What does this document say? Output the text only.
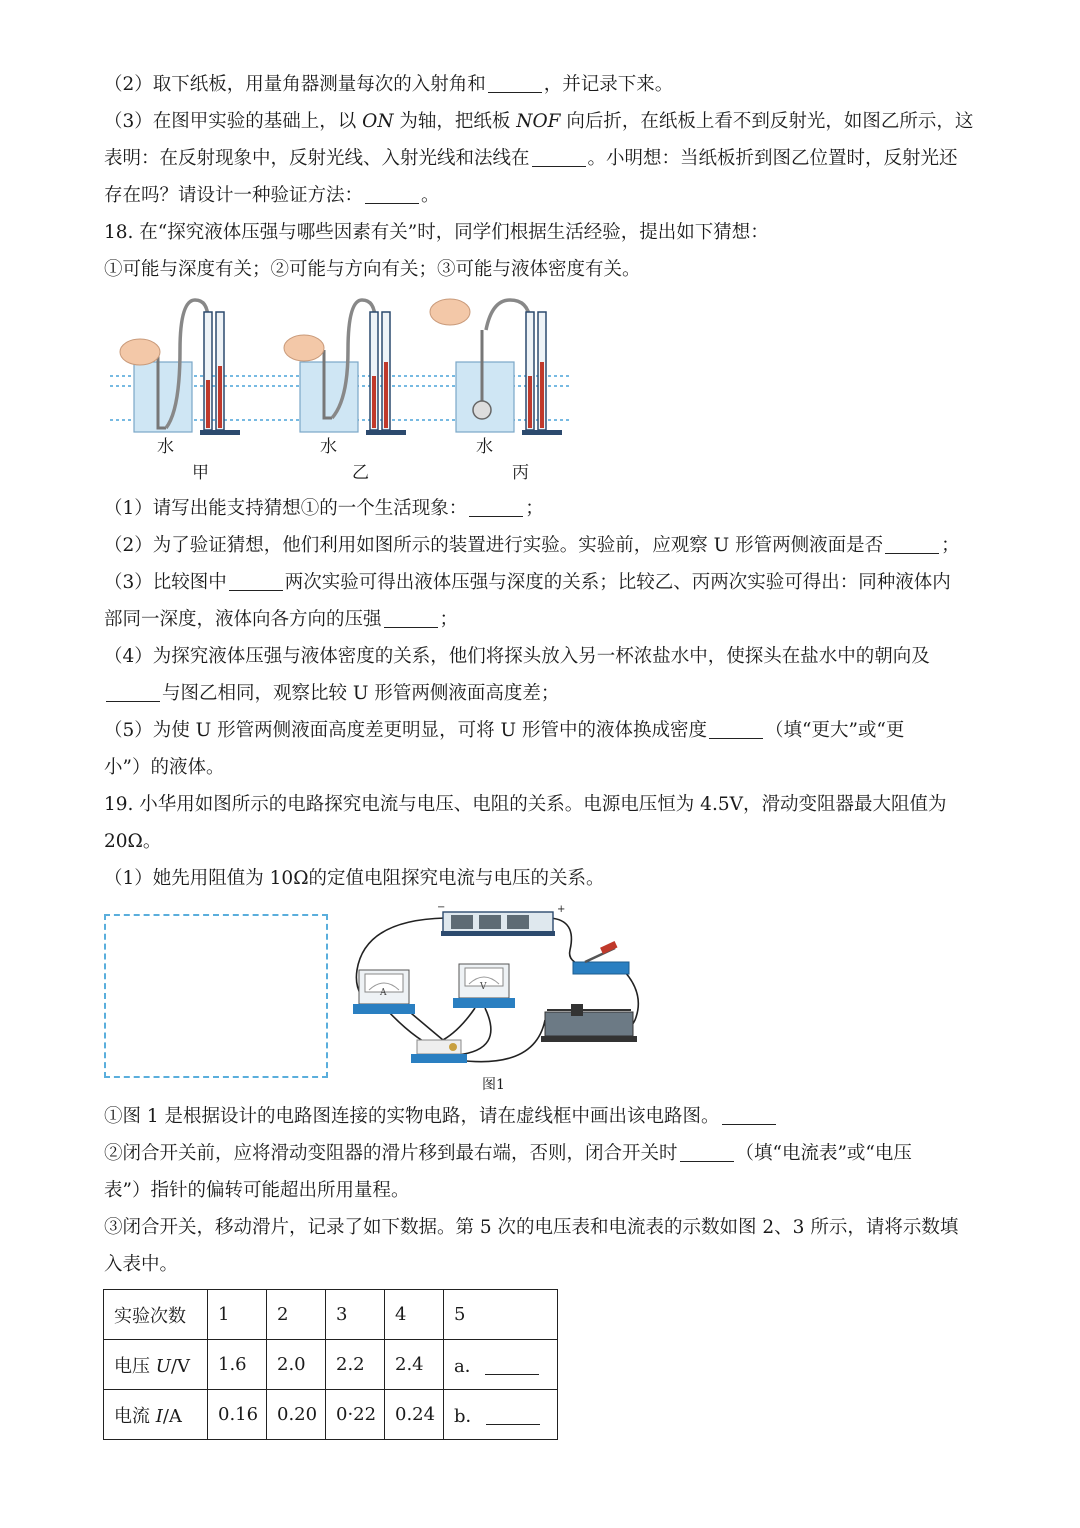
（2）取下纸板，用量角器测量每次的入射角和	，并记录下来。
（3）在图甲实验的基础上，以 ON 为轴，把纸板 NOF 向后折，在纸板上看不到反射光，如图乙所示，这
表明：在反射现象中，反射光线、入射光线和法线在	。小明想：当纸板折到图乙位置时，反射光还
存在吗？请设计一种验证方法：	。
18. 在“探究液体压强与哪些因素有关”时，同学们根据生活经验，提出如下猜想：
①可能与深度有关；②可能与方向有关；③可能与液体密度有关。
水	水	水
甲	乙	丙
（1）请写出能支持猜想①的一个生活现象：	；
（2）为了验证猜想，他们利用如图所示的装置进行实验。实验前，应观察 U 形管两侧液面是否	；
（3）比较图中	两次实验可得出液体压强与深度的关系；比较乙、丙两次实验可得出：同种液体内
部同一深度，液体向各方向的压强	；
（4）为探究液体压强与液体密度的关系，他们将探头放入另一杯浓盐水中，使探头在盐水中的朝向及
与图乙相同，观察比较 U 形管两侧液面高度差；
（5）为使 U 形管两侧液面高度差更明显，可将 U 形管中的液体换成密度	（填“更大”或“更
小”）的液体。
19. 小华用如图所示的电路探究电流与电压、电阻的关系。电源电压恒为 4.5V，滑动变阻器最大阻值为
20Ω。
（1）她先用阻值为 10Ω的定值电阻探究电流与电压的关系。
−	+
图1
A
V
①图 1 是根据设计的电路图连接的实物电路，请在虚线框中画出该电路图。
②闭合开关前，应将滑动变阻器的滑片移到最右端，否则，闭合开关时	（填“电流表”或“电压
表”）指针的偏转可能超出所用量程。
③闭合开关，移动滑片，记录了如下数据。第 5 次的电压表和电流表的示数如图 2、3 所示，请将示数填
入表中。
实验次数	1	2	3	4	5
电压 U/V	1.6	2.0	2.2	2.4	a．
电流 I/A	0.16	0.20	0·22	0.24	b．
